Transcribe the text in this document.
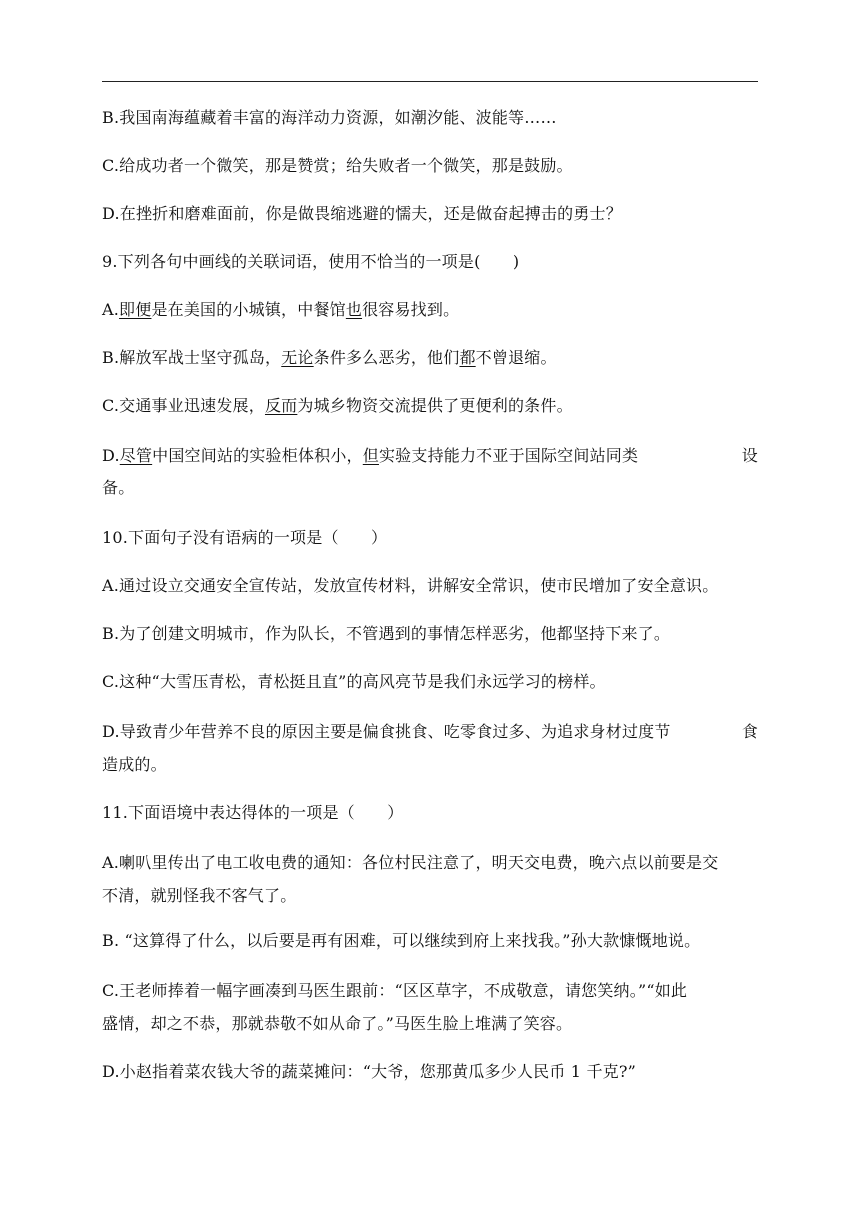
B.我国南海蕴藏着丰富的海洋动力资源，如潮汐能、波能等……

C.给成功者一个微笑，那是赞赏；给失败者一个微笑，那是鼓励。

D.在挫折和磨难面前，你是做畏缩逃避的懦夫，还是做奋起搏击的勇士？

9.下列各句中画线的关联词语，使用不恰当的一项是(　　)

A.即便是在美国的小城镇，中餐馆也很容易找到。

B.解放军战士坚守孤岛，无论条件多么恶劣，他们都不曾退缩。

C.交通事业迅速发展，反而为城乡物资交流提供了更便利的条件。

D.尽管中国空间站的实验柜体积小，但实验支持能力不亚于国际空间站同类	设

备。

10.下面句子没有语病的一项是（　　）

A.通过设立交通安全宣传站，发放宣传材料，讲解安全常识，使市民增加了安全意识。

B.为了创建文明城市，作为队长，不管遇到的事情怎样恶劣，他都坚持下来了。

C.这种“大雪压青松，青松挺且直”的高风亮节是我们永远学习的榜样。

D.导致青少年营养不良的原因主要是偏食挑食、吃零食过多、为追求身材过度节	食

造成的。

11.下面语境中表达得体的一项是（　　）

A.喇叭里传出了电工收电费的通知：各位村民注意了，明天交电费，晚六点以前要是交

不清，就别怪我不客气了。

B. “这算得了什么，以后要是再有困难，可以继续到府上来找我。”孙大款慷慨地说。

C.王老师捧着一幅字画凑到马医生跟前：“区区草字，不成敬意，请您笑纳。”“如此

盛情，却之不恭，那就恭敬不如从命了。”马医生脸上堆满了笑容。

D.小赵指着菜农钱大爷的蔬菜摊问：“大爷，您那黄瓜多少人民币 1 千克?”
